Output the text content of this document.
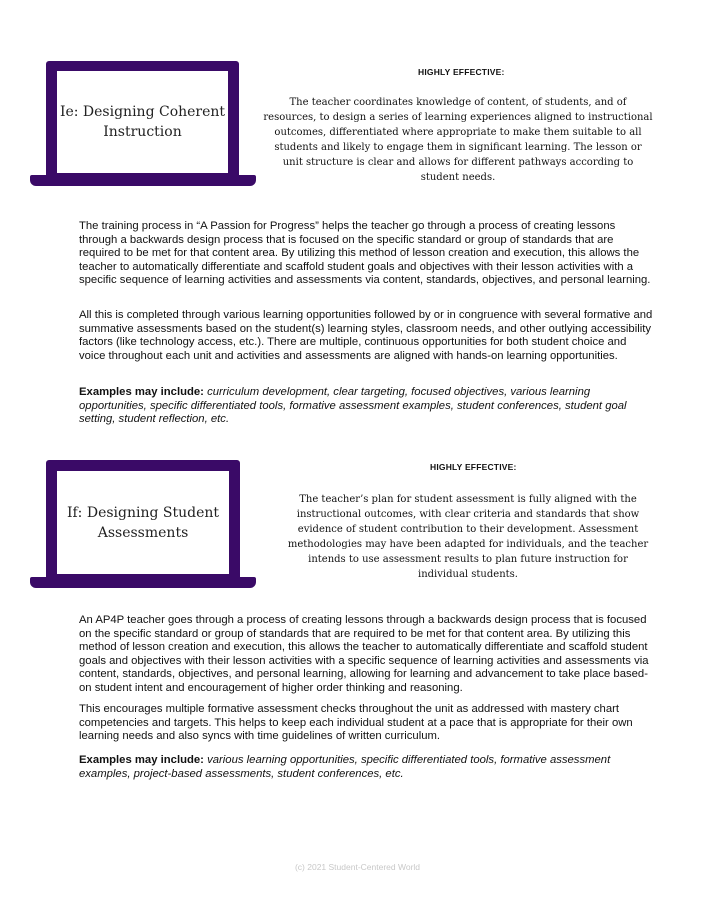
Ie: Designing Coherent
Instruction
HIGHLY EFFECTIVE:
The teacher coordinates knowledge of content, of students, and of resources, to design a series of learning experiences aligned to instructional outcomes, differentiated where appropriate to make them suitable to all students and likely to engage them in significant learning. The lesson or unit structure is clear and allows for different pathways according to student needs.
The training process in “A Passion for Progress” helps the teacher go through a process of creating lessons through a backwards design process that is focused on the specific standard or group of standards that are required to be met for that content area. By utilizing this method of lesson creation and execution, this allows the teacher to automatically differentiate and scaffold student goals and objectives with their lesson activities with a specific sequence of learning activities and assessments via content, standards, objectives, and personal learning.
All this is completed through various learning opportunities followed by or in congruence with several formative and summative assessments based on the student(s) learning styles, classroom needs, and other outlying accessibility factors (like technology access, etc.). There are multiple, continuous opportunities for both student choice and voice throughout each unit and activities and assessments are aligned with hands-on learning opportunities.
Examples may include: curriculum development, clear targeting, focused objectives, various learning opportunities, specific differentiated tools, formative assessment examples, student conferences, student goal setting, student reflection, etc.
If: Designing Student
Assessments
HIGHLY EFFECTIVE:
The teacher’s plan for student assessment is fully aligned with the instructional outcomes, with clear criteria and standards that show evidence of student contribution to their development. Assessment methodologies may have been adapted for individuals, and the teacher intends to use assessment results to plan future instruction for individual students.
An AP4P teacher goes through a process of creating lessons through a backwards design process that is focused on the specific standard or group of standards that are required to be met for that content area. By utilizing this method of lesson creation and execution, this allows the teacher to automatically differentiate and scaffold student goals and objectives with their lesson activities with a specific sequence of learning activities and assessments via content, standards, objectives, and personal learning, allowing for learning and advancement to take place based-on student intent and encouragement of higher order thinking and reasoning.
This encourages multiple formative assessment checks throughout the unit as addressed with mastery chart competencies and targets. This helps to keep each individual student at a pace that is appropriate for their own learning needs and also syncs with time guidelines of written curriculum.
Examples may include: various learning opportunities, specific differentiated tools, formative assessment examples, project-based assessments, student conferences, etc.
(c) 2021 Student-Centered World
